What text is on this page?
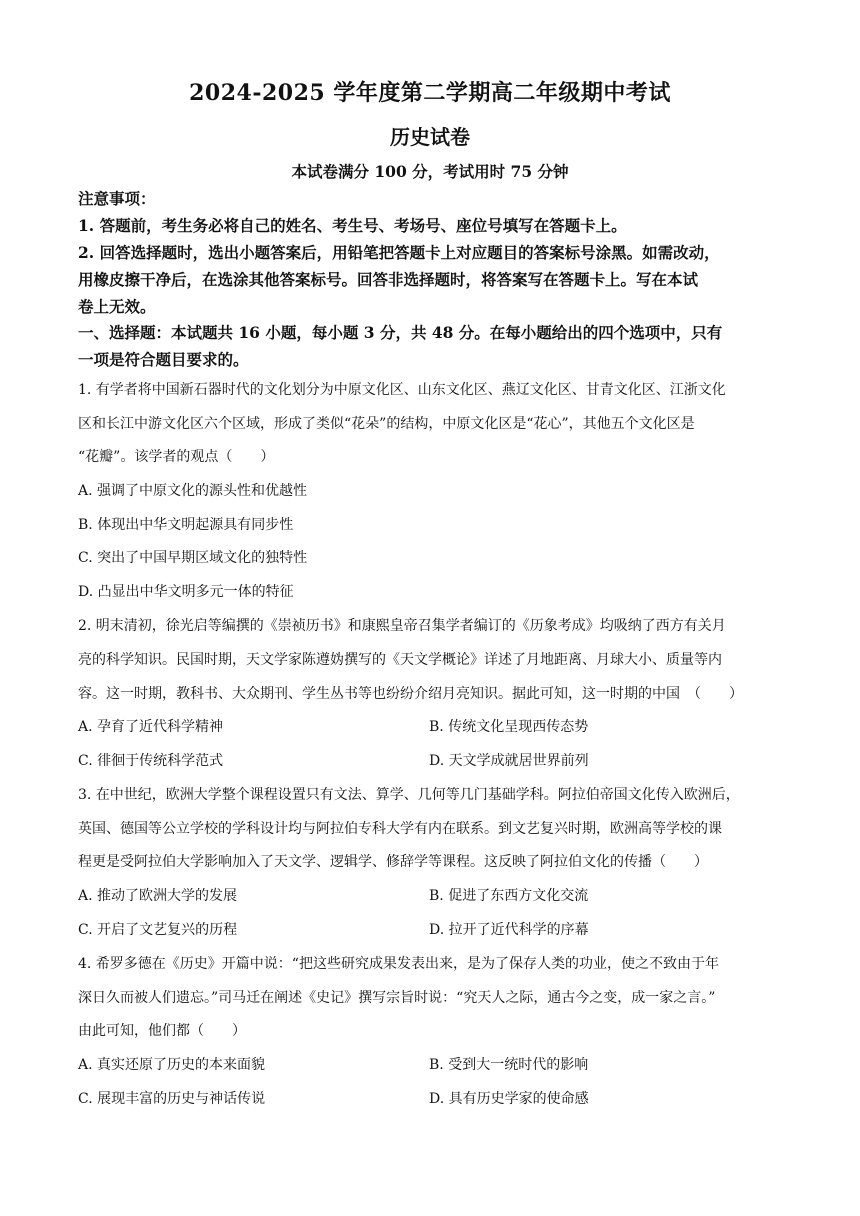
2024-2025 学年度第二学期高二年级期中考试
历史试卷
本试卷满分 100 分，考试用时 75 分钟
注意事项：
1. 答题前，考生务必将自己的姓名、考生号、考场号、座位号填写在答题卡上。
2. 回答选择题时，选出小题答案后，用铅笔把答题卡上对应题目的答案标号涂黑。如需改动，
用橡皮擦干净后，在选涂其他答案标号。回答非选择题时，将答案写在答题卡上。写在本试
卷上无效。
一、选择题：本试题共 16 小题，每小题 3 分，共 48 分。在每小题给出的四个选项中，只有
一项是符合题目要求的。
1. 有学者将中国新石器时代的文化划分为中原文化区、山东文化区、燕辽文化区、甘青文化区、江浙文化
区和长江中游文化区六个区域，形成了类似“花朵”的结构，中原文化区是“花心”，其他五个文化区是
“花瓣”。该学者的观点（　　）
A. 强调了中原文化的源头性和优越性
B. 体现出中华文明起源具有同步性
C. 突出了中国早期区域文化的独特性
D. 凸显出中华文明多元一体的特征
2. 明末清初，徐光启等编撰的《崇祯历书》和康熙皇帝召集学者编订的《历象考成》均吸纳了西方有关月
亮的科学知识。民国时期，天文学家陈遵妫撰写的《天文学概论》详述了月地距离、月球大小、质量等内
容。这一时期，教科书、大众期刊、学生丛书等也纷纷介绍月亮知识。据此可知，这一时期的中国　（　　）
A. 孕育了近代科学精神	B. 传统文化呈现西传态势
C. 徘徊于传统科学范式	D. 天文学成就居世界前列
3. 在中世纪，欧洲大学整个课程设置只有文法、算学、几何等几门基础学科。阿拉伯帝国文化传入欧洲后，
英国、德国等公立学校的学科设计均与阿拉伯专科大学有内在联系。到文艺复兴时期，欧洲高等学校的课
程更是受阿拉伯大学影响加入了天文学、逻辑学、修辞学等课程。这反映了阿拉伯文化的传播（　　）
A. 推动了欧洲大学的发展	B. 促进了东西方文化交流
C. 开启了文艺复兴的历程	D. 拉开了近代科学的序幕
4. 希罗多德在《历史》开篇中说：“把这些研究成果发表出来，是为了保存人类的功业，使之不致由于年
深日久而被人们遗忘。”司马迁在阐述《史记》撰写宗旨时说：“究天人之际，通古今之变，成一家之言。”
由此可知，他们都（　　）
A. 真实还原了历史的本来面貌	B. 受到大一统时代的影响
C. 展现丰富的历史与神话传说	D. 具有历史学家的使命感
